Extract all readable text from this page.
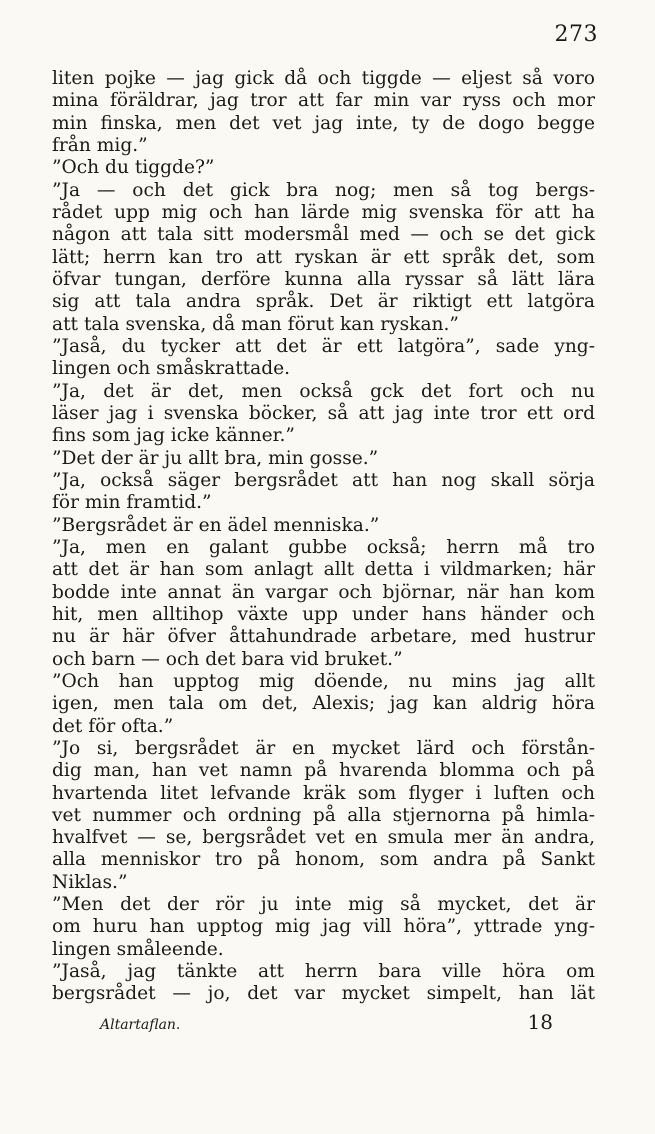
273
liten pojke — jag gick då och tiggde — eljest så voro
mina föräldrar, jag tror att far min var ryss och mor
min finska, men det vet jag inte, ty de dogo begge
från mig.”
”Och du tiggde?”
”Ja — och det gick bra nog; men så tog bergs-
rådet upp mig och han lärde mig svenska för att ha
någon att tala sitt modersmål med — och se det gick
lätt; herrn kan tro att ryskan är ett språk det, som
öfvar tungan, derföre kunna alla ryssar så lätt lära
sig att tala andra språk. Det är riktigt ett latgöra
att tala svenska, då man förut kan ryskan.”
”Jaså, du tycker att det är ett latgöra”, sade yng-
lingen och småskrattade.
”Ja, det är det, men också gck det fort och nu
läser jag i svenska böcker, så att jag inte tror ett ord
fins som jag icke känner.”
”Det der är ju allt bra, min gosse.”
”Ja, också säger bergsrådet att han nog skall sörja
för min framtid.”
”Bergsrådet är en ädel menniska.”
”Ja, men en galant gubbe också; herrn må tro
att det är han som anlagt allt detta i vildmarken; här
bodde inte annat än vargar och björnar, när han kom
hit, men alltihop växte upp under hans händer och
nu är här öfver åttahundrade arbetare, med hustrur
och barn — och det bara vid bruket.”
”Och han upptog mig döende, nu mins jag allt
igen, men tala om det, Alexis; jag kan aldrig höra
det för ofta.”
”Jo si, bergsrådet är en mycket lärd och förstån-
dig man, han vet namn på hvarenda blomma och på
hvartenda litet lefvande kräk som flyger i luften och
vet nummer och ordning på alla stjernorna på himla-
hvalfvet — se, bergsrådet vet en smula mer än andra,
alla menniskor tro på honom, som andra på Sankt
Niklas.”
”Men det der rör ju inte mig så mycket, det är
om huru han upptog mig jag vill höra”, yttrade yng-
lingen småleende.
”Jaså, jag tänkte att herrn bara ville höra om
bergsrådet — jo, det var mycket simpelt, han lät
Altartaflan.	18
